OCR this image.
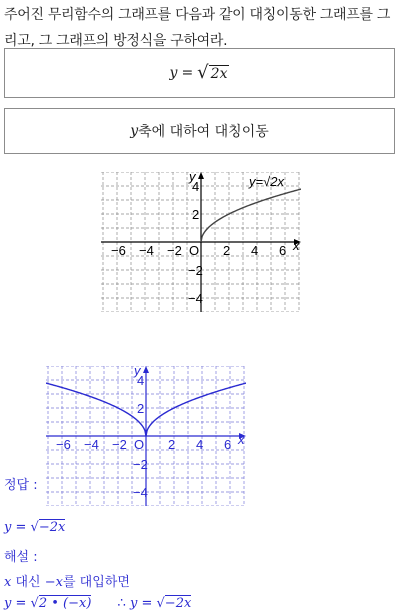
주어진 무리함수의 그래프를 다음과 같이 대칭이동한 그래프를 그리고, 그 그래프의 방정식을 구하여라.
y = √ 2x
y 축에 대하여 대칭이동
−6 −4 −2 O 2 4 6
4
2
−2
−4
x
y	y=√2x
−6 −4 −2 O 2 4 6
4
2
−2
−4
x
y
정답 :
y = √−2x
해설 :
x 대신 −x를 대입하면
y = √2 • (−x) ∴ y = √−2x
